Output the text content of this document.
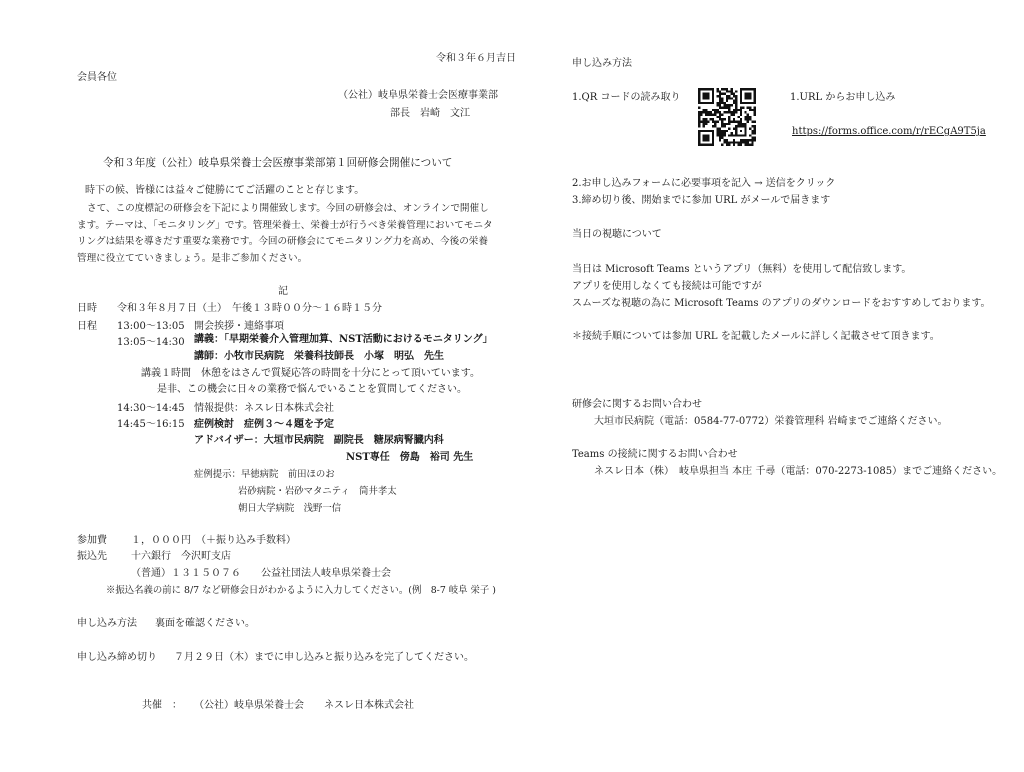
令和３年６月吉日
会員各位
（公社）岐阜県栄養士会医療事業部
部長　岩崎　文江
令和３年度（公社）岐阜県栄養士会医療事業部第１回研修会開催について
時下の候、皆様には益々ご健勝にてご活躍のことと存じます。
さて、この度標記の研修会を下記により開催致します。今回の研修会は、オンラインで開催します。テーマは、「モニタリング」です。管理栄養士、栄養士が行うべき栄養管理においてモニタリングは結果を導きだす重要な業務です。今回の研修会にてモニタリング力を高め、今後の栄養管理に役立てていきましょう。是非ご参加ください。
記
日時 令和３年８月７日（土）　午後１３時００分～１６時１５分
日程 13:00～13:05 開会挨拶・連絡事項
13:05～14:30 講義：「早期栄養介入管理加算、NST活動におけるモニタリング」
講師：小牧市民病院　栄養科技師長　小塚　明弘　先生
講義１時間　休憩をはさんで質疑応答の時間を十分にとって頂いています。
是非、この機会に日々の業務で悩んでいることを質問してください。
14:30～14:45 情報提供：ネスレ日本株式会社
14:45～16:15 症例検討　症例３～４題を予定
アドバイザー：大垣市民病院　副院長　糖尿病腎臓内科
NST専任　傍島　裕司 先生
症例提示：早徳病院　前田ほのお
岩砂病院・岩砂マタニティ　筒井孝太
朝日大学病院　浅野一信
参加費 １，０００円　（＋振り込み手数料）
振込先 十六銀行　今沢町支店
（普通）１３１５０７６　　公益社団法人岐阜県栄養士会
※振込名義の前に 8/7 など研修会日がわかるように入力してください。(例　8-7 岐阜 栄子 )
申し込み方法 裏面を確認ください。
申し込み締め切り ７月２９日（木）までに申し込みと振り込みを完了してください。
共催　： （公社）岐阜県栄養士会　　ネスレ日本株式会社
申し込み方法
1.QR コードの読み取り	1.URL からお申し込み
https://forms.office.com/r/rECgA9T5ja
2.お申し込みフォームに必要事項を記入 → 送信をクリック
3.締め切り後、開始までに参加 URL がメールで届きます
当日の視聴について
当日は Microsoft Teams というアプリ（無料）を使用して配信致します。
アプリを使用しなくても接続は可能ですが
スムーズな視聴の為に Microsoft Teams のアプリのダウンロードをおすすめしております。
＊接続手順については参加 URL を記載したメールに詳しく記載させて頂きます。
研修会に関するお問い合わせ
大垣市民病院（電話：0584-77-0772）栄養管理科 岩崎までご連絡ください。
Teams の接続に関するお問い合わせ
ネスレ日本（株）　岐阜県担当 本庄 千尋（電話：070-2273-1085）までご連絡ください。
